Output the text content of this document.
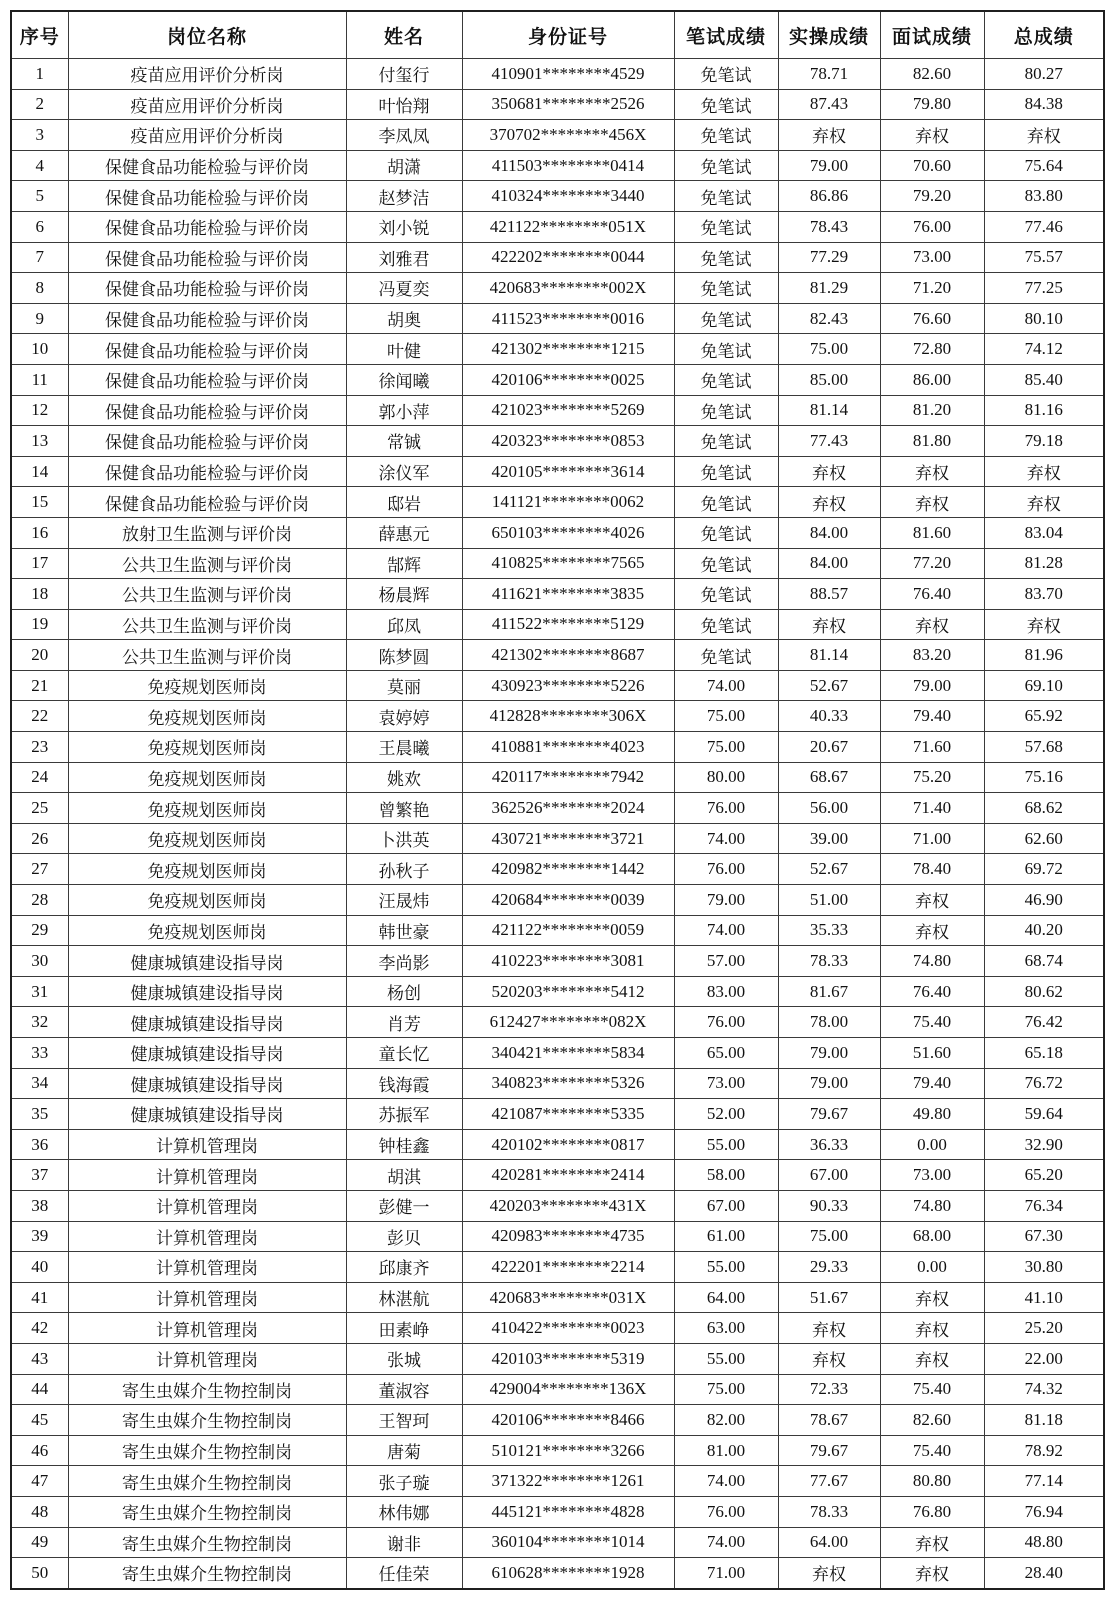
序号	岗位名称	姓名	身份证号	笔试成绩	实操成绩	面试成绩	总成绩
1	疫苗应用评价分析岗	付玺行	410901********4529	免笔试	78.71	82.60	80.27
2	疫苗应用评价分析岗	叶怡翔	350681********2526	免笔试	87.43	79.80	84.38
3	疫苗应用评价分析岗	李凤凤	370702********456X	免笔试	弃权	弃权	弃权
4	保健食品功能检验与评价岗	胡潇	411503********0414	免笔试	79.00	70.60	75.64
5	保健食品功能检验与评价岗	赵梦洁	410324********3440	免笔试	86.86	79.20	83.80
6	保健食品功能检验与评价岗	刘小锐	421122********051X	免笔试	78.43	76.00	77.46
7	保健食品功能检验与评价岗	刘雅君	422202********0044	免笔试	77.29	73.00	75.57
8	保健食品功能检验与评价岗	冯夏奕	420683********002X	免笔试	81.29	71.20	77.25
9	保健食品功能检验与评价岗	胡奥	411523********0016	免笔试	82.43	76.60	80.10
10	保健食品功能检验与评价岗	叶健	421302********1215	免笔试	75.00	72.80	74.12
11	保健食品功能检验与评价岗	徐闻曦	420106********0025	免笔试	85.00	86.00	85.40
12	保健食品功能检验与评价岗	郭小萍	421023********5269	免笔试	81.14	81.20	81.16
13	保健食品功能检验与评价岗	常铖	420323********0853	免笔试	77.43	81.80	79.18
14	保健食品功能检验与评价岗	涂仪军	420105********3614	免笔试	弃权	弃权	弃权
15	保健食品功能检验与评价岗	邸岩	141121********0062	免笔试	弃权	弃权	弃权
16	放射卫生监测与评价岗	薛惠元	650103********4026	免笔试	84.00	81.60	83.04
17	公共卫生监测与评价岗	郜辉	410825********7565	免笔试	84.00	77.20	81.28
18	公共卫生监测与评价岗	杨晨辉	411621********3835	免笔试	88.57	76.40	83.70
19	公共卫生监测与评价岗	邱凤	411522********5129	免笔试	弃权	弃权	弃权
20	公共卫生监测与评价岗	陈梦圆	421302********8687	免笔试	81.14	83.20	81.96
21	免疫规划医师岗	莫丽	430923********5226	74.00	52.67	79.00	69.10
22	免疫规划医师岗	袁婷婷	412828********306X	75.00	40.33	79.40	65.92
23	免疫规划医师岗	王晨曦	410881********4023	75.00	20.67	71.60	57.68
24	免疫规划医师岗	姚欢	420117********7942	80.00	68.67	75.20	75.16
25	免疫规划医师岗	曾繁艳	362526********2024	76.00	56.00	71.40	68.62
26	免疫规划医师岗	卜洪英	430721********3721	74.00	39.00	71.00	62.60
27	免疫规划医师岗	孙秋子	420982********1442	76.00	52.67	78.40	69.72
28	免疫规划医师岗	汪晟炜	420684********0039	79.00	51.00	弃权	46.90
29	免疫规划医师岗	韩世豪	421122********0059	74.00	35.33	弃权	40.20
30	健康城镇建设指导岗	李尚影	410223********3081	57.00	78.33	74.80	68.74
31	健康城镇建设指导岗	杨创	520203********5412	83.00	81.67	76.40	80.62
32	健康城镇建设指导岗	肖芳	612427********082X	76.00	78.00	75.40	76.42
33	健康城镇建设指导岗	童长忆	340421********5834	65.00	79.00	51.60	65.18
34	健康城镇建设指导岗	钱海霞	340823********5326	73.00	79.00	79.40	76.72
35	健康城镇建设指导岗	苏振军	421087********5335	52.00	79.67	49.80	59.64
36	计算机管理岗	钟桂鑫	420102********0817	55.00	36.33	0.00	32.90
37	计算机管理岗	胡淇	420281********2414	58.00	67.00	73.00	65.20
38	计算机管理岗	彭健一	420203********431X	67.00	90.33	74.80	76.34
39	计算机管理岗	彭贝	420983********4735	61.00	75.00	68.00	67.30
40	计算机管理岗	邱康齐	422201********2214	55.00	29.33	0.00	30.80
41	计算机管理岗	林湛航	420683********031X	64.00	51.67	弃权	41.10
42	计算机管理岗	田素峥	410422********0023	63.00	弃权	弃权	25.20
43	计算机管理岗	张城	420103********5319	55.00	弃权	弃权	22.00
44	寄生虫媒介生物控制岗	董淑容	429004********136X	75.00	72.33	75.40	74.32
45	寄生虫媒介生物控制岗	王智珂	420106********8466	82.00	78.67	82.60	81.18
46	寄生虫媒介生物控制岗	唐菊	510121********3266	81.00	79.67	75.40	78.92
47	寄生虫媒介生物控制岗	张子璇	371322********1261	74.00	77.67	80.80	77.14
48	寄生虫媒介生物控制岗	林伟娜	445121********4828	76.00	78.33	76.80	76.94
49	寄生虫媒介生物控制岗	谢非	360104********1014	74.00	64.00	弃权	48.80
50	寄生虫媒介生物控制岗	任佳荣	610628********1928	71.00	弃权	弃权	28.40
